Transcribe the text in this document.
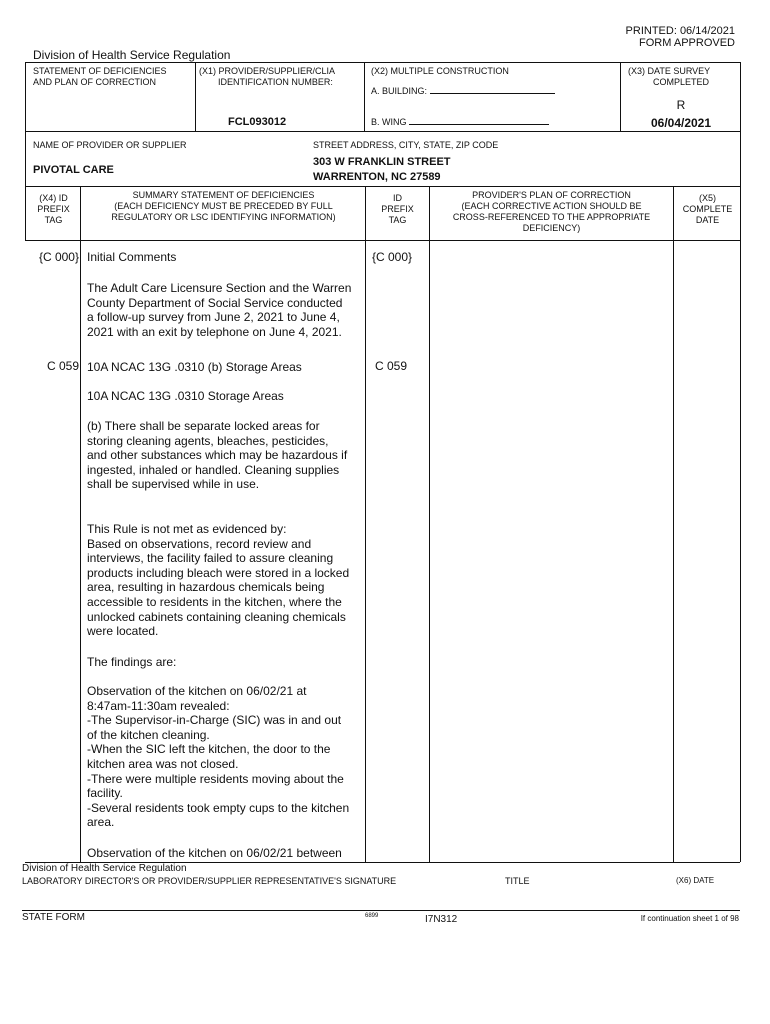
PRINTED: 06/14/2021
FORM APPROVED
Division of Health Service Regulation
STATEMENT OF DEFICIENCIES
AND PLAN OF CORRECTION
(X1) PROVIDER/SUPPLIER/CLIA
IDENTIFICATION NUMBER:
FCL093012
(X2) MULTIPLE CONSTRUCTION
A. BUILDING:
B. WING
(X3) DATE SURVEY
COMPLETED
R
06/04/2021
NAME OF PROVIDER OR SUPPLIER
PIVOTAL CARE
STREET ADDRESS, CITY, STATE, ZIP CODE
303 W FRANKLIN STREET
WARRENTON, NC 27589
(X4) ID
PREFIX
TAG
SUMMARY STATEMENT OF DEFICIENCIES
(EACH DEFICIENCY MUST BE PRECEDED BY FULL
REGULATORY OR LSC IDENTIFYING INFORMATION)
ID
PREFIX
TAG
PROVIDER'S PLAN OF CORRECTION
(EACH CORRECTIVE ACTION SHOULD BE
CROSS-REFERENCED TO THE APPROPRIATE
DEFICIENCY)
(X5)
COMPLETE
DATE
{C 000} Initial Comments	{C 000}
The Adult Care Licensure Section and the Warren
County Department of Social Service conducted
a follow-up survey from June 2, 2021 to June 4,
2021 with an exit by telephone on June 4, 2021.
C 059 10A NCAC 13G .0310 (b) Storage Areas	C 059
10A NCAC 13G .0310 Storage Areas
(b) There shall be separate locked areas for
storing cleaning agents, bleaches, pesticides,
and other substances which may be hazardous if
ingested, inhaled or handled. Cleaning supplies
shall be supervised while in use.
This Rule is not met as evidenced by:
Based on observations, record review and
interviews, the facility failed to assure cleaning
products including bleach were stored in a locked
area, resulting in hazardous chemicals being
accessible to residents in the kitchen, where the
unlocked cabinets containing cleaning chemicals
were located.
The findings are:
Observation of the kitchen on 06/02/21 at
8:47am-11:30am revealed:
-The Supervisor-in-Charge (SIC) was in and out
of the kitchen cleaning.
-When the SIC left the kitchen, the door to the
kitchen area was not closed.
-There were multiple residents moving about the
facility.
-Several residents took empty cups to the kitchen
area.
Observation of the kitchen on 06/02/21 between
Division of Health Service Regulation
LABORATORY DIRECTOR'S OR PROVIDER/SUPPLIER REPRESENTATIVE'S SIGNATURE	TITLE	(X6) DATE
STATE FORM	6899	I7N312	If continuation sheet 1 of 98
